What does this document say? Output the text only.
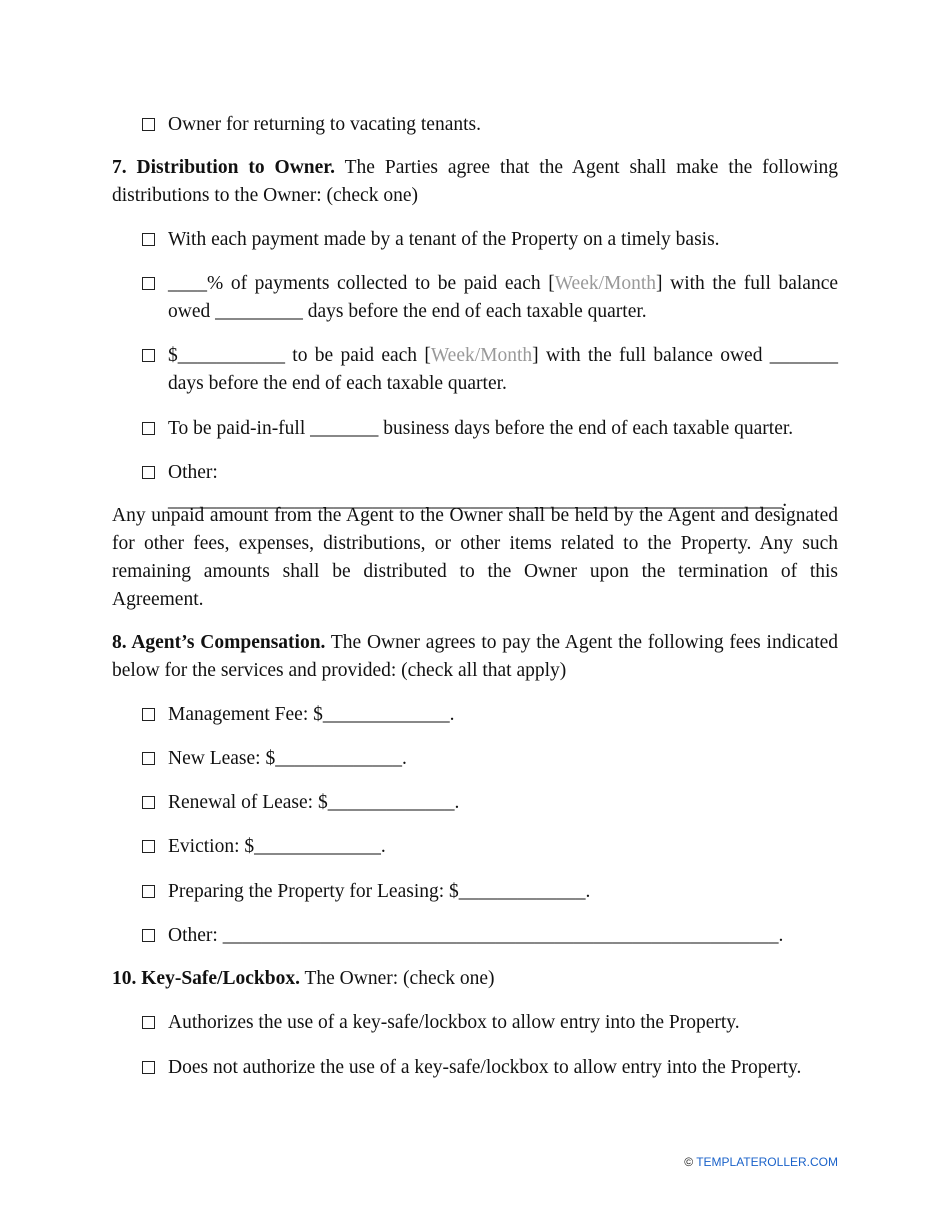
Owner for returning to vacating tenants.
7. Distribution to Owner. The Parties agree that the Agent shall make the following distributions to the Owner: (check one)
With each payment made by a tenant of the Property on a timely basis.
____% of payments collected to be paid each [Week/Month] with the full balance owed _________ days before the end of each taxable quarter.
$___________ to be paid each [Week/Month] with the full balance owed _______ days before the end of each taxable quarter.
To be paid-in-full _______ business days before the end of each taxable quarter.
Other: _______________________________________________________________.
Any unpaid amount from the Agent to the Owner shall be held by the Agent and designated for other fees, expenses, distributions, or other items related to the Property. Any such remaining amounts shall be distributed to the Owner upon the termination of this Agreement.
8. Agent’s Compensation. The Owner agrees to pay the Agent the following fees indicated below for the services and provided: (check all that apply)
Management Fee: $_____________.
New Lease: $_____________.
Renewal of Lease: $_____________.
Eviction: $_____________.
Preparing the Property for Leasing: $_____________.
Other: _________________________________________________________.
10. Key-Safe/Lockbox. The Owner: (check one)
Authorizes the use of a key-safe/lockbox to allow entry into the Property.
Does not authorize the use of a key-safe/lockbox to allow entry into the Property.
© TEMPLATEROLLER.COM
